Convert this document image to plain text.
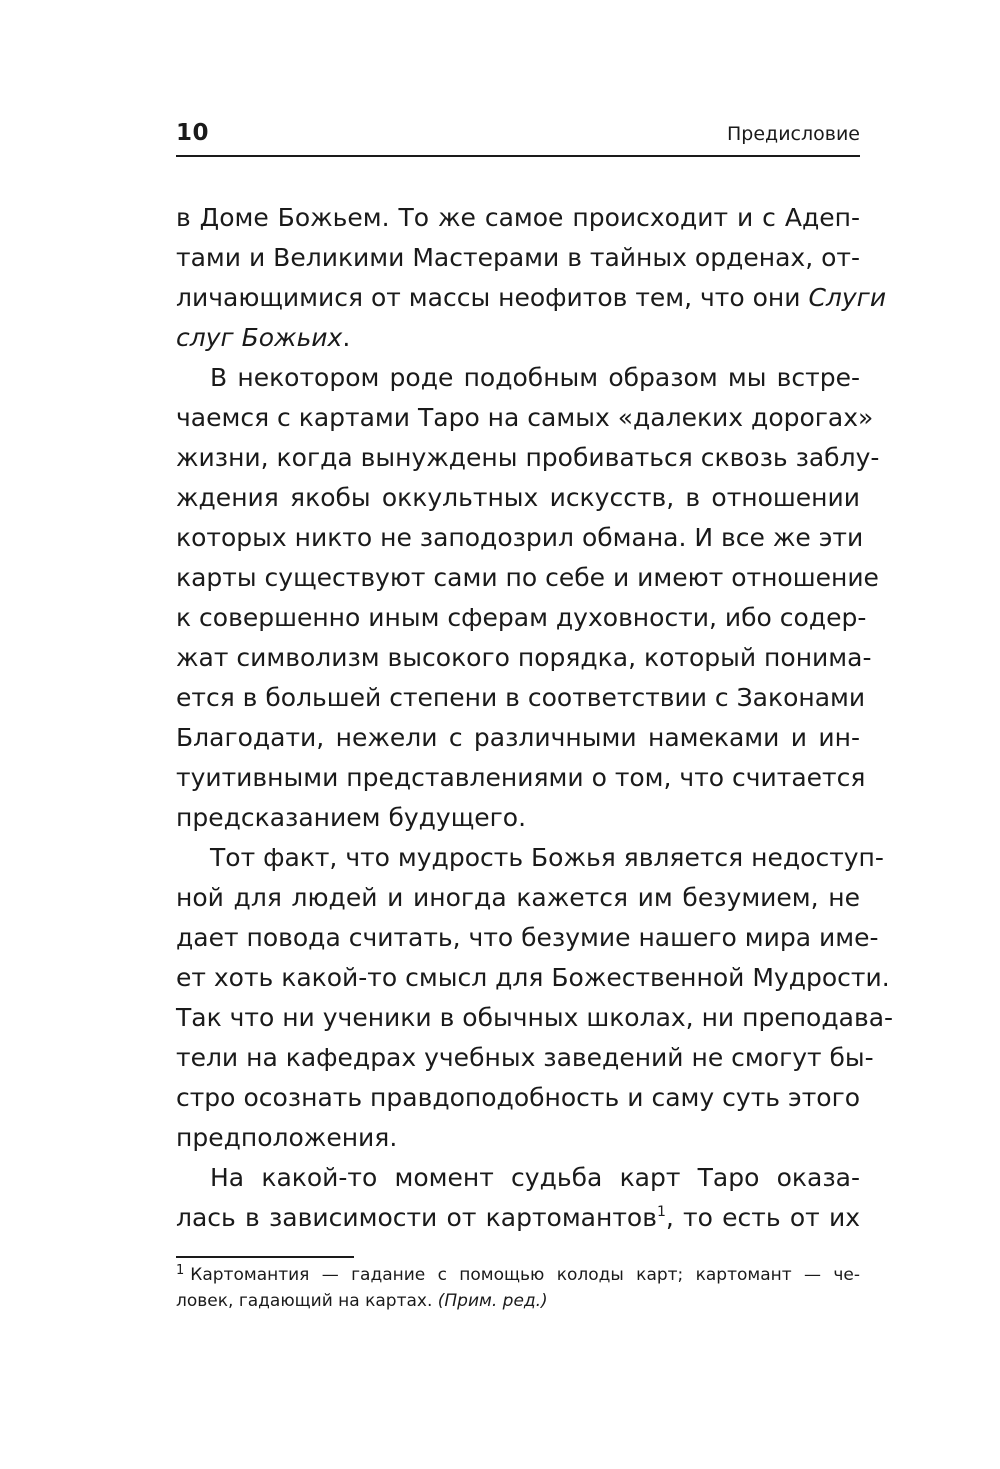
10	Предисловие
в Доме Божьем. То же самое происходит и с Адеп-
тами и Великими Мастерами в тайных орденах, от-
личающимися от массы неофитов тем, что они Слуги
слуг Божьих.
В некотором роде подобным образом мы встре-
чаемся с картами Таро на самых «далеких дорогах»
жизни, когда вынуждены пробиваться сквозь заблу-
ждения якобы оккультных искусств, в отношении
которых никто не заподозрил обмана. И все же эти
карты существуют сами по себе и имеют отношение
к совершенно иным сферам духовности, ибо содер-
жат символизм высокого порядка, который понима-
ется в большей степени в соответствии с Законами
Благодати, нежели с различными намеками и ин-
туитивными представлениями о том, что считается
предсказанием будущего.
Тот факт, что мудрость Божья является недоступ-
ной для людей и иногда кажется им безумием, не
дает повода считать, что безумие нашего мира име-
ет хоть какой-то смысл для Божественной Мудрости.
Так что ни ученики в обычных школах, ни преподава-
тели на кафедрах учебных заведений не смогут бы-
стро осознать правдоподобность и саму суть этого
предположения.
На какой-то момент судьба карт Таро оказа-
лась в зависимости от картомантов$^1$, то есть от их
$^1$ Картомантия — гадание с помощью колоды карт; картомант — че-
ловек, гадающий на картах. (Прим. ред.)
